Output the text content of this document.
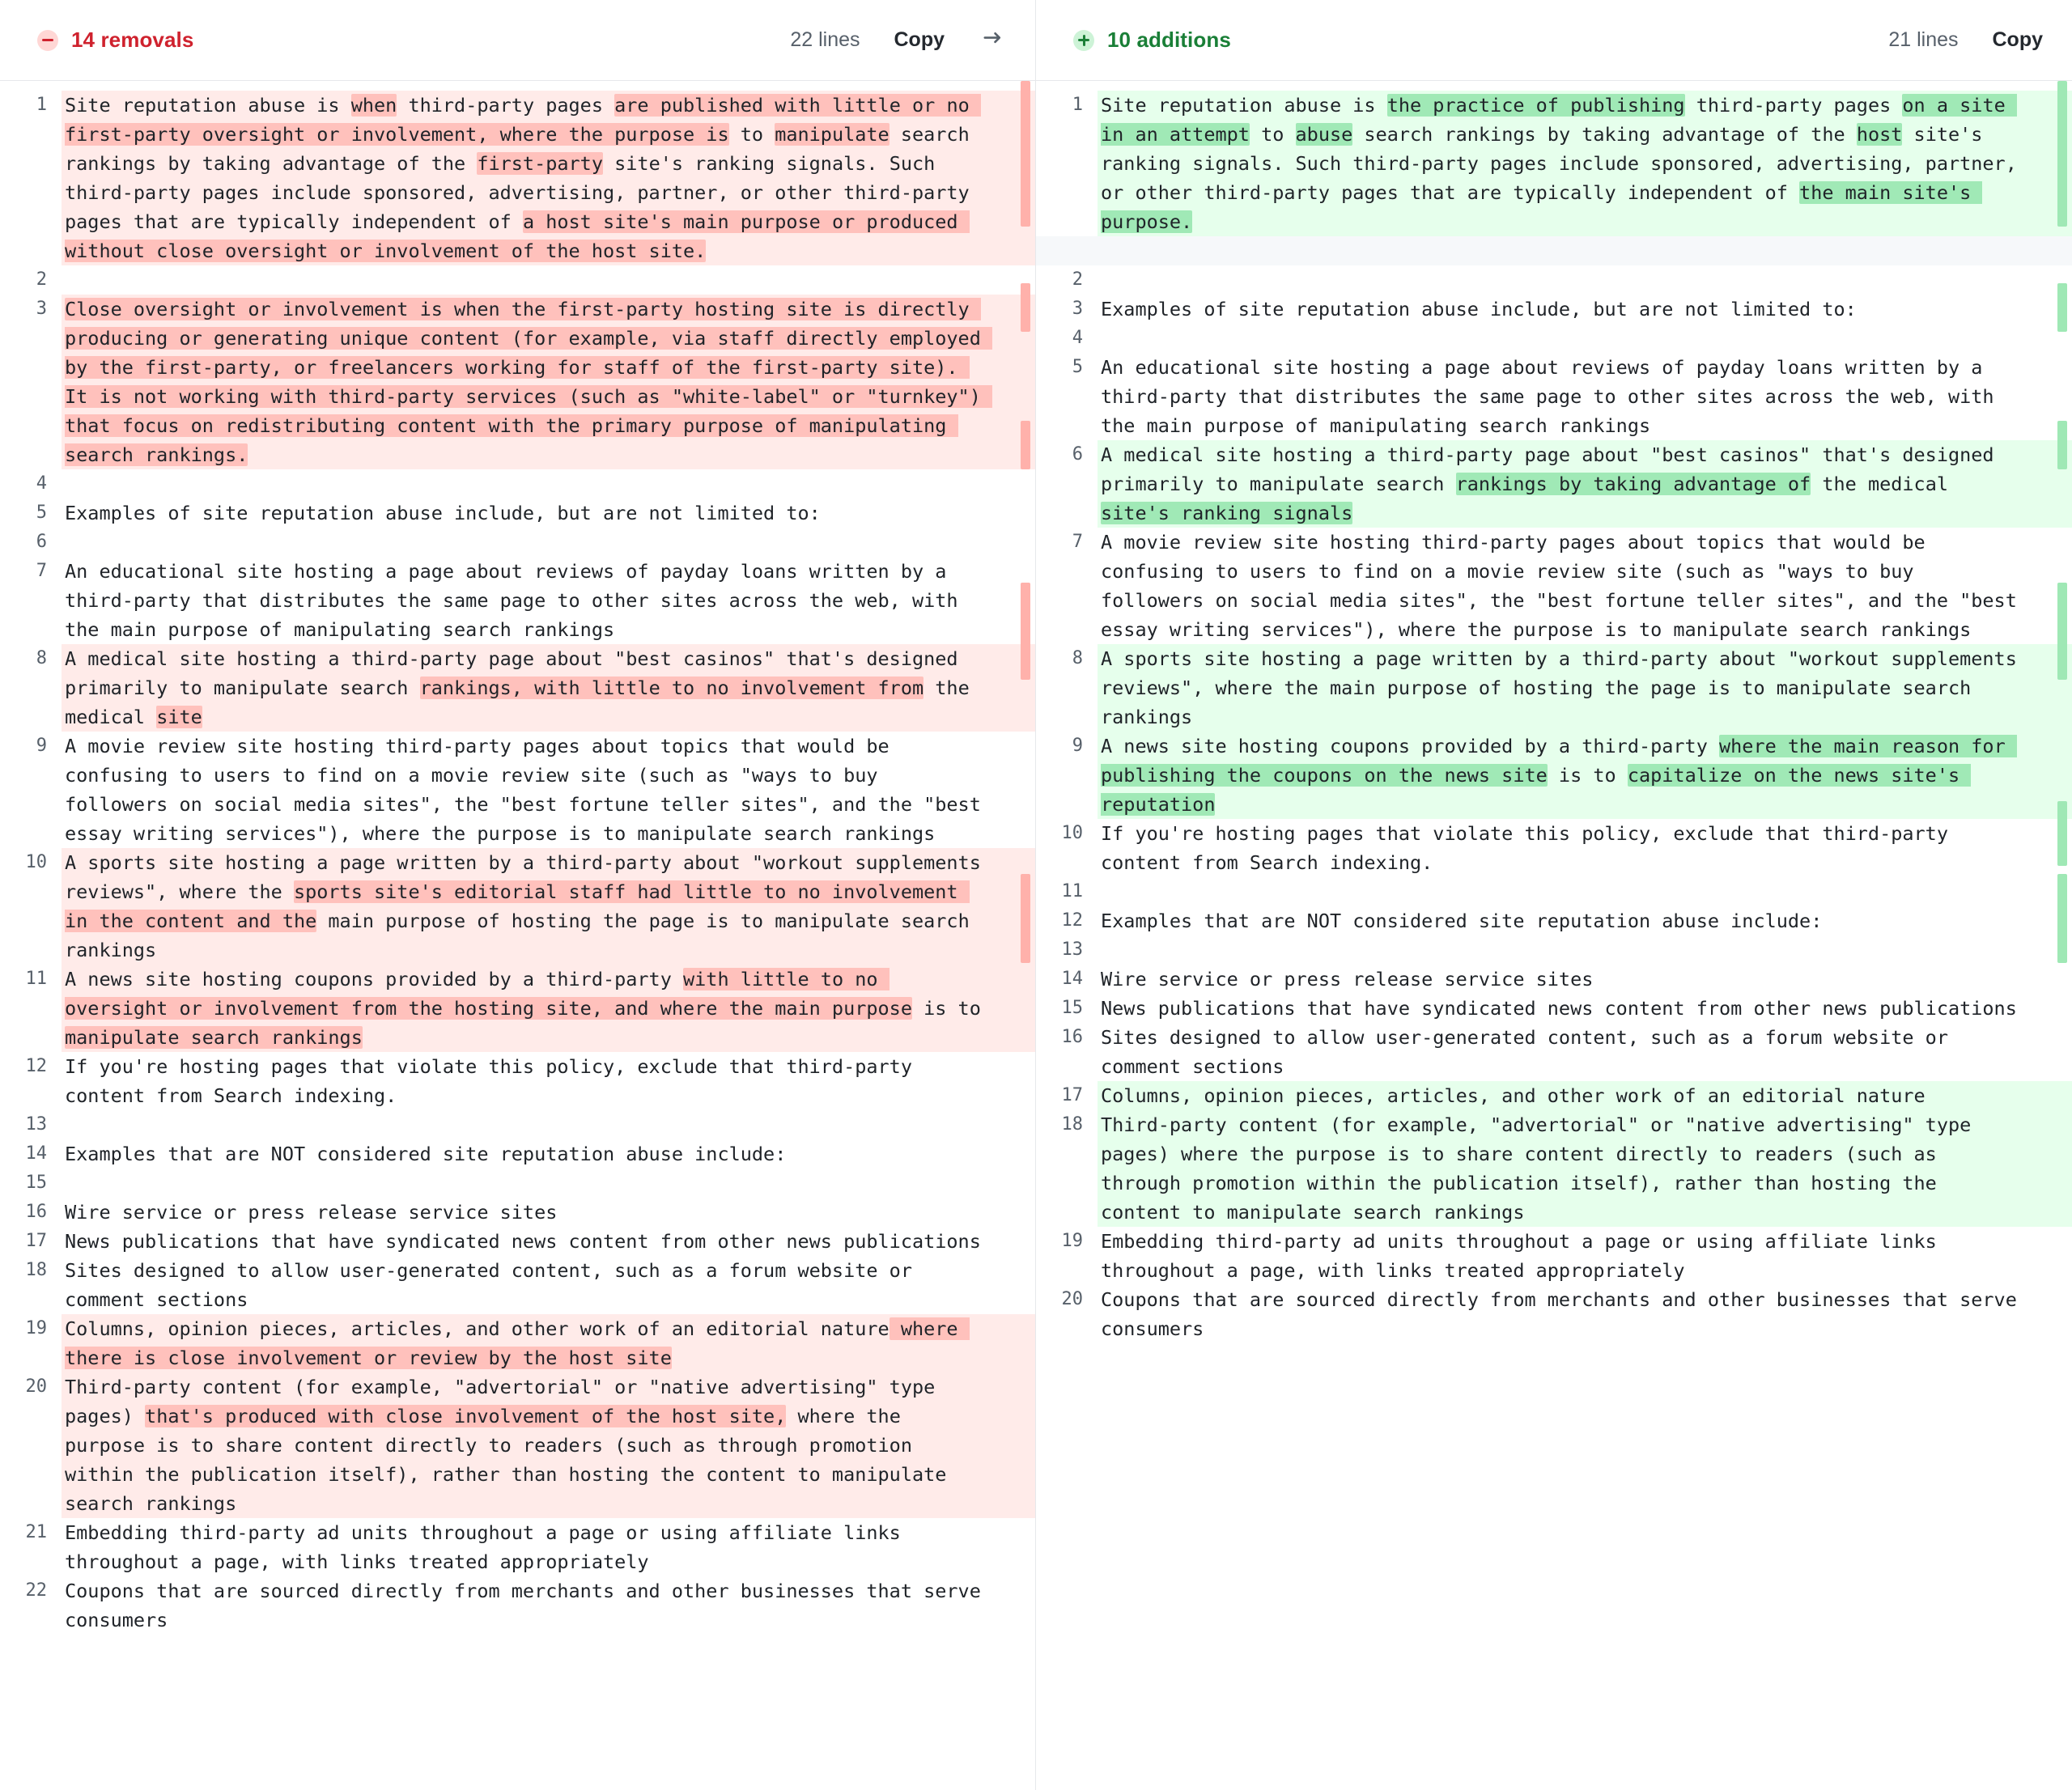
14 removals	22 lines Copy
1 Site reputation abuse is when third-party pages are published with little or no first-party oversight or involvement, where the purpose is to manipulate search rankings by taking advantage of the first-party site's ranking signals. Such third-party pages include sponsored, advertising, partner, or other third-party pages that are typically independent of a host site's main purpose or produced without close oversight or involvement of the host site.
2

3 Close oversight or involvement is when the first-party hosting site is directly producing or generating unique content (for example, via staff directly employed by the first-party, or freelancers working for staff of the first-party site). It is not working with third-party services (such as "white-label" or "turnkey") that focus on redistributing content with the primary purpose of manipulating search rankings.
4

5 Examples of site reputation abuse include, but are not limited to:
6

7 An educational site hosting a page about reviews of payday loans written by a third-party that distributes the same page to other sites across the web, with the main purpose of manipulating search rankings
8 A medical site hosting a third-party page about "best casinos" that's designed primarily to manipulate search rankings, with little to no involvement from the medical site
9 A movie review site hosting third-party pages about topics that would be confusing to users to find on a movie review site (such as "ways to buy followers on social media sites", the "best fortune teller sites", and the "best essay writing services"), where the purpose is to manipulate search rankings
10 A sports site hosting a page written by a third-party about "workout supplements reviews", where the sports site's editorial staff had little to no involvement in the content and the main purpose of hosting the page is to manipulate search rankings
11 A news site hosting coupons provided by a third-party with little to no oversight or involvement from the hosting site, and where the main purpose is to manipulate search rankings
12 If you're hosting pages that violate this policy, exclude that third-party content from Search indexing.
13

14 Examples that are NOT considered site reputation abuse include:
15

16 Wire service or press release service sites
17 News publications that have syndicated news content from other news publications
18 Sites designed to allow user-generated content, such as a forum website or comment sections
19 Columns, opinion pieces, articles, and other work of an editorial nature where there is close involvement or review by the host site
20 Third-party content (for example, "advertorial" or "native advertising" type pages) that's produced with close involvement of the host site, where the purpose is to share content directly to readers (such as through promotion within the publication itself), rather than hosting the content to manipulate search rankings
21 Embedding third-party ad units throughout a page or using affiliate links throughout a page, with links treated appropriately
22 Coupons that are sourced directly from merchants and other businesses that serve consumers
10 additions	21 lines Copy
1 Site reputation abuse is the practice of publishing third-party pages on a site in an attempt to abuse search rankings by taking advantage of the host site's ranking signals. Such third-party pages include sponsored, advertising, partner, or other third-party pages that are typically independent of the main site's purpose.

2

3 Examples of site reputation abuse include, but are not limited to:
4

5 An educational site hosting a page about reviews of payday loans written by a third-party that distributes the same page to other sites across the web, with the main purpose of manipulating search rankings
6 A medical site hosting a third-party page about "best casinos" that's designed primarily to manipulate search rankings by taking advantage of the medical site's ranking signals
7 A movie review site hosting third-party pages about topics that would be confusing to users to find on a movie review site (such as "ways to buy followers on social media sites", the "best fortune teller sites", and the "best essay writing services"), where the purpose is to manipulate search rankings
8 A sports site hosting a page written by a third-party about "workout supplements reviews", where the main purpose of hosting the page is to manipulate search rankings
9 A news site hosting coupons provided by a third-party where the main reason for publishing the coupons on the news site is to capitalize on the news site's reputation
10 If you're hosting pages that violate this policy, exclude that third-party content from Search indexing.
11

12 Examples that are NOT considered site reputation abuse include:
13

14 Wire service or press release service sites
15 News publications that have syndicated news content from other news publications
16 Sites designed to allow user-generated content, such as a forum website or comment sections
17 Columns, opinion pieces, articles, and other work of an editorial nature
18 Third-party content (for example, "advertorial" or "native advertising" type pages) where the purpose is to share content directly to readers (such as through promotion within the publication itself), rather than hosting the content to manipulate search rankings
19 Embedding third-party ad units throughout a page or using affiliate links throughout a page, with links treated appropriately
20 Coupons that are sourced directly from merchants and other businesses that serve consumers
